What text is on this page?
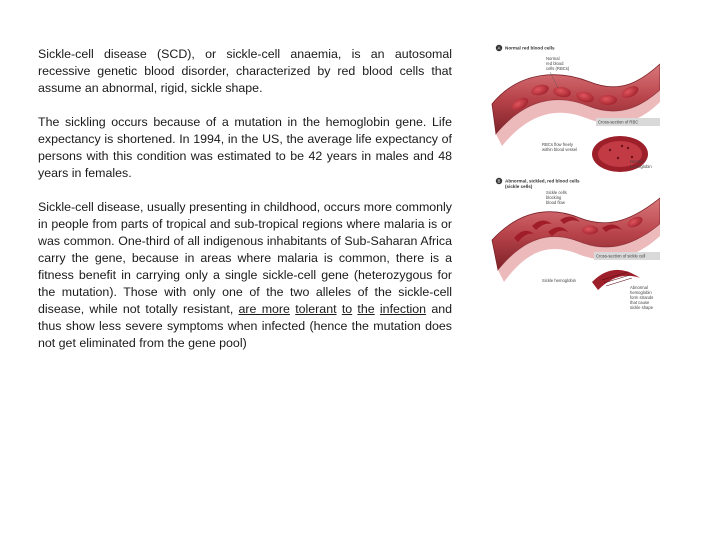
Sickle-cell disease (SCD), or sickle-cell anaemia, is an autosomal recessive genetic blood disorder, characterized by red blood cells that assume an abnormal, rigid, sickle shape.

The sickling occurs because of a mutation in the hemoglobin gene. Life expectancy is shortened. In 1994, in the US, the average life expectancy of persons with this condition was estimated to be 42 years in males and 48 years in females.

Sickle-cell disease, usually presenting in childhood, occurs more commonly in people from parts of tropical and sub-tropical regions where malaria is or was common. One-third of all indigenous inhabitants of Sub-Saharan Africa carry the gene, because in areas where malaria is common, there is a fitness benefit in carrying only a single sickle-cell gene (heterozygous for the mutation). Those with only one of the two alleles of the sickle-cell disease, while not totally resistant, are more tolerant to the infection and thus show less severe symptoms when infected (hence the mutation does not get eliminated from the gene pool)

A Normal red blood cells
Normal
red blood
cells (RBCs)
Cross-section of RBC
RBCs flow freely
within blood vessel
Normal
hemoglobin
B Abnormal, sickled, red blood cells
(sickle cells)
Sickle cells
blocking
blood flow
Cross-section of sickle cell
Sickle hemoglobin
Abnormal
hemoglobin
form strands
that cause
sickle shape
